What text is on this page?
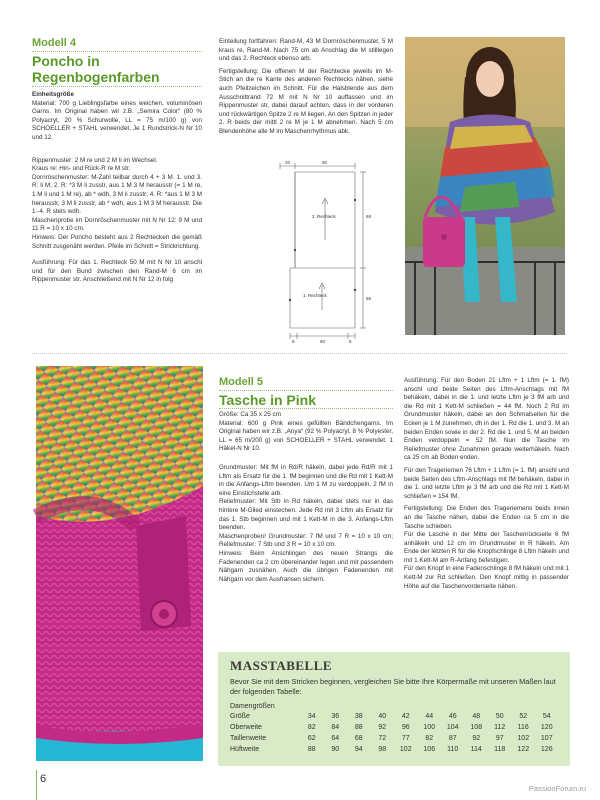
Modell 4
Poncho in
Regenbogenfarben

Einheitsgröße
Material: 700 g Lieblingsfarbe eines weichen, voluminösen Garns. Im Original haben wir z.B. „Semira Color“ (80 % Polyacryl, 20 % Schurwolle, LL = 75 m/100 g) von SCHOELLER + STAHL verwendet. Je 1 Rundstrick-N Nr 10 und 12.

Rippenmuster: 2 M re und 2 M li im Wechsel.
Kraus re: Hin- und Rück-R re M str.
Dornröschenmuster: M-Zahl teilbar durch 4 + 3 M. 1. und 3. R: li M; 2. R: *3 M li zusstr, aus 1 M 3 M herausstr (= 1 M re, 1 M li und 1 M re), ab * wdh, 3 M li zusstr; 4. R: *aus 1 M 3 M herausstr, 3 M li zusstr, ab * wdh, aus 1 M 3 M herausstr. Die 1.-4. R stets wdh.
Maschenprobe im Dornröschenmuster mit N Nr 12: 9 M und 11 R = 10 x 10 cm.
Hinweis: Der Poncho besteht aus 2 Rechtecken die gemäß Schnitt zusgenäht werden. Pfeile im Schnitt = Strickrichtung.

Ausführung: Für das 1. Rechteck 50 M mit N Nr 10 anschl und für den Bund zwischen den Rand-M 6 cm im Rippenmuster str. Anschließend mit N Nr 12 in folg

Einteilung fortfahren: Rand-M, 43 M Dornröschenmuster, 5 M kraus re, Rand-M. Nach 75 cm ab Anschlag die M stilllegen und das 2. Rechteck ebenso arb.

Fertigstellung: Die offenen M der Rechtecke jeweils im M-Stich an die re Kante des anderen Rechtecks nähen, siehe auch Pfeilzeichen im Schnitt. Für die Halsblende aus dem Ausschnittrand 72 M mit N Nr 10 auffassen und im Rippenmuster str, dabei darauf achten, dass in der vorderen und rückwärtigen Spitze 2 re M liegen. An den Spitzen in jeder 2. R beids der mittl 2 re M je 1 M abnehmen. Nach 5 cm Blendenhöhe alle M im Maschenrhythmus abk.

20	50
69
56
6	60	6
2. Rechteck
1. Rechteck
Modell 5
Tasche in Pink

Größe: Ca 35 x 25 cm
Material: 600 g Pink eines gefüllten Bändchengarns. Im Original haben wir z.B. „Anya“ (92 % Polyacryl, 8 % Polyester, LL = 65 m/200 g) von SCHOELLER + STAHL verwendet. 1 Häkel-N Nr 10.

Grundmuster: Mit fM in Rd/R häkeln, dabei jede Rd/R mit 1 Lftm als Ersatz für die 1. fM beginnen und die Rd mit 1 Kett-M in die Anfangs-Lftm beenden. Um 1 M zu verdoppeln, 2 fM in eine Einstichstelle arb.
Reliefmuster: Mit Stb in Rd häkeln, dabei stets nur in das hintere M-Glied einstechen. Jede Rd mit 3 Lftm als Ersatz für das 1. Stb beginnen und mit 1 Kett-M in die 3. Anfangs-Lftm beenden.
Maschenproben! Grundmuster: 7 fM und 7 R = 10 x 10 cm; Reliefmuster: 7 Stb und 3 R = 10 x 10 cm.
Hinweis: Beim Anschlingen des neuen Strangs die Fadenenden ca 2 cm übereinander legen und mit passendem Nähgarn zusnähen. Auch die übrigen Fadenenden mit Nähgarn vor dem Ausfransen sichern.

Ausführung: Für den Boden 21 Lftm + 1 Lftm (= 1. fM) anschl und beide Seiten des Lftm-Anschlags mit fM behäkeln, dabei in die 1. und letzte Lftm je 3 fM arb und die Rd mit 1 Kett-M schließen = 44 fM. Noch 2 Rd im Grundmuster häkeln, dabei an den Schmalseiten für die Ecken je 1 M zunehmen, dh in der 1. Rd die 1. und 3. M an beiden Enden sowie in der 2. Rd die 1. und 5. M an beiden Enden verdoppeln = 52 fM. Nun die Tasche im Reliefmuster ohne Zunahmen gerade weiterhäkeln. Nach ca 25 cm ab Boden enden.

Für den Trageriemen 76 Lftm + 1 Lftm (= 1. fM) anschl und beide Seiten des Lftm-Anschlags mit fM behäkeln, dabei in die 1. und letzte Lftm je 3 fM arb und die Rd mit 1 Kett-M schließen = 154 fM.

Fertigstellung: Die Enden des Trageriemens beids innen an die Tasche nähen, dabei die Enden ca 5 cm in die Tasche schieben.
Für die Lasche in der Mitte der Taschenrückseite 6 fM anhäkeln und 12 cm im Grundmuster in R häkeln. Am Ende der letzten R für die Knopfschlinge 8 Lftm häkeln und mit 1 Kett-M am R-Anfang befestigen.
Für den Knopf in eine Fadenschlinge 8 fM häkeln und mit 1 Kett-M zur Rd schließen. Den Knopf mittig in passender Höhe auf die Taschenvorderseite nähen.

MASSTABELLE
Bevor Sie mit dem Stricken beginnen, vergleichen Sie bitte Ihre Körpermaße mit unseren Maßen laut der folgenden Tabelle:
Damengrößen
Größe	34	36	38	40	42	44	46	48	50	52	54
Oberweite	82	84	88	92	96	100	104	108	112	116	120
Taillenweite	62	64	68	72	77	82	87	92	97	102	107
Hüftweite	88	90	94	98	102	106	110	114	118	122	126
6
PassionForum.ru
